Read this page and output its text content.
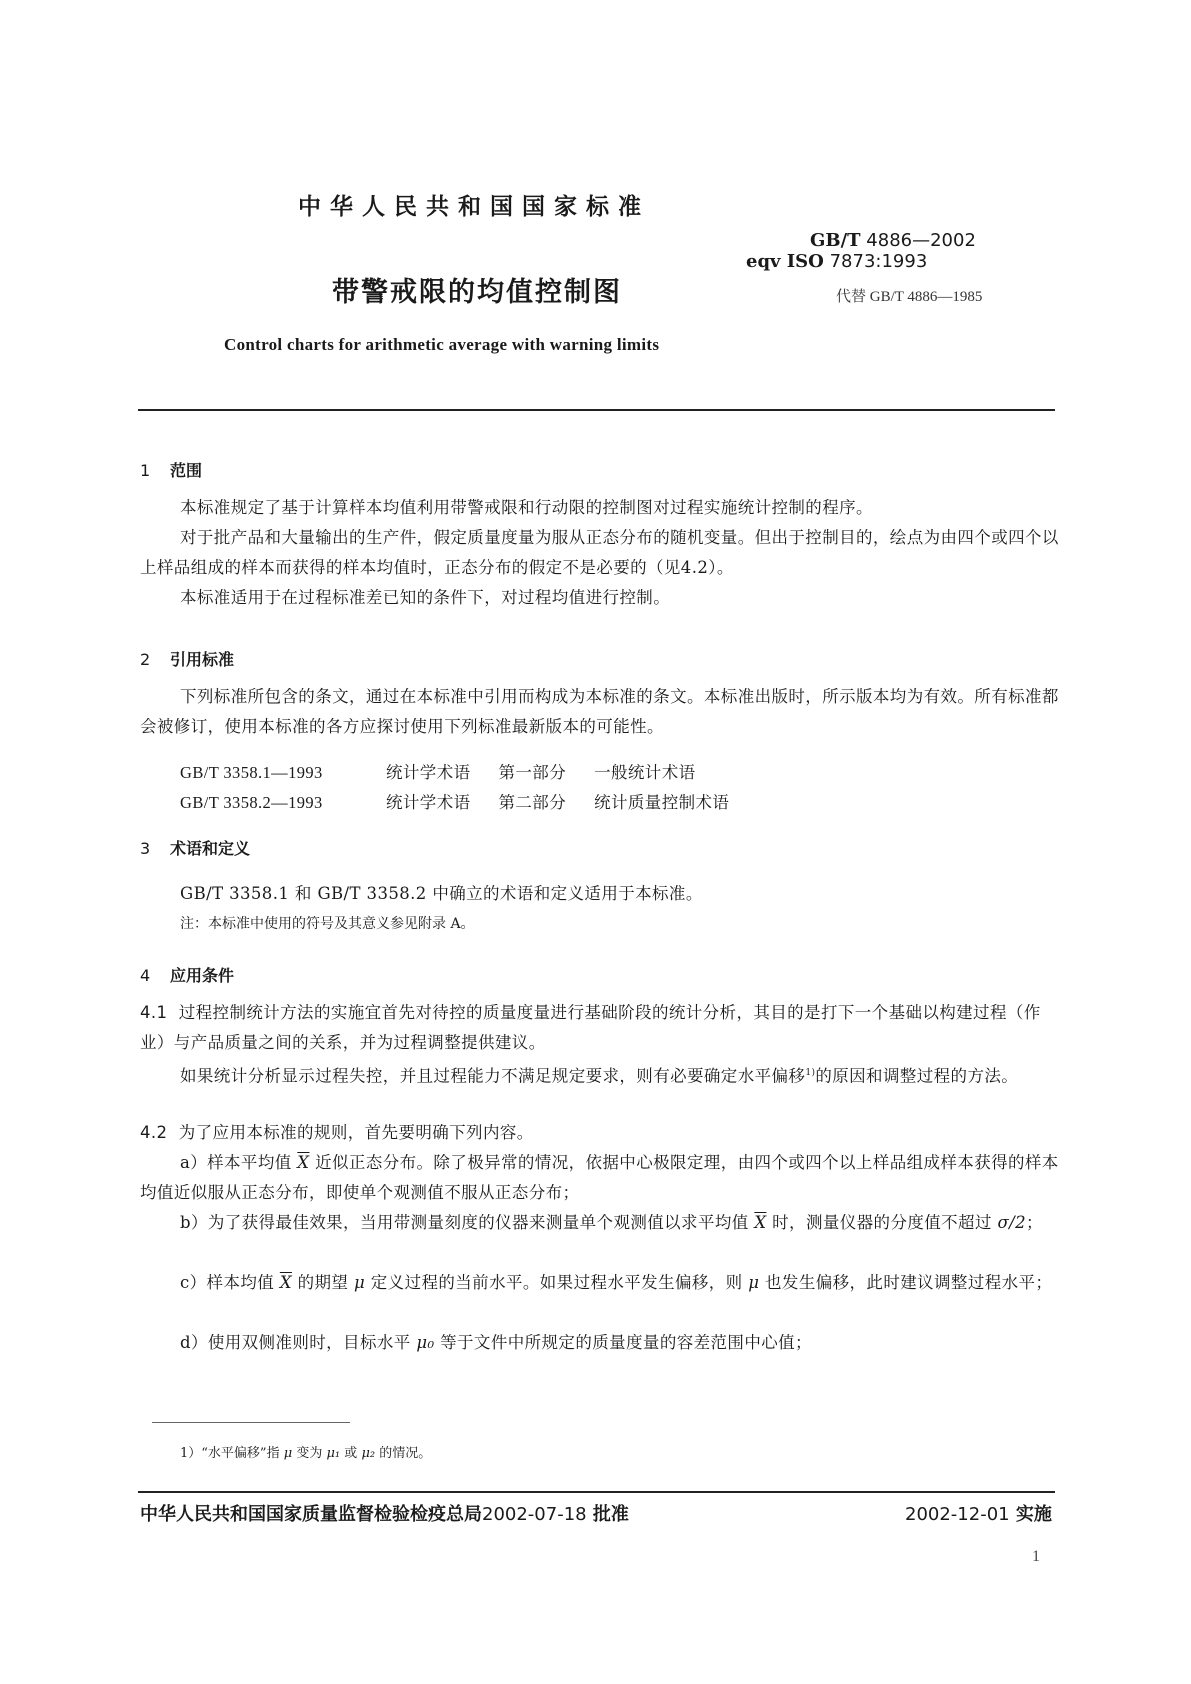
中华人民共和国国家标准
GB/T 4886—2002
eqv ISO 7873:1993
带警戒限的均值控制图	代替 GB/T 4886—1985
Control charts for arithmetic average with warning limits
1 范围

本标准规定了基于计算样本均值利用带警戒限和行动限的控制图对过程实施统计控制的程序。

对于批产品和大量输出的生产件，假定质量度量为服从正态分布的随机变量。但出于控制目的，绘点为由四个或四个以上样品组成的样本而获得的样本均值时，正态分布的假定不是必要的（见4.2）。

本标准适用于在过程标准差已知的条件下，对过程均值进行控制。

2 引用标准

下列标准所包含的条文，通过在本标准中引用而构成为本标准的条文。本标准出版时，所示版本均为有效。所有标准都会被修订，使用本标准的各方应探讨使用下列标准最新版本的可能性。

GB/T 3358.1—1993	统计学术语 第一部分 一般统计术语
GB/T 3358.2—1993	统计学术语 第二部分 统计质量控制术语
3 术语和定义
GB/T 3358.1 和 GB/T 3358.2 中确立的术语和定义适用于本标准。
注：本标准中使用的符号及其意义参见附录 A。
4 应用条件

4.1 过程控制统计方法的实施宜首先对待控的质量度量进行基础阶段的统计分析，其目的是打下一个基础以构建过程（作业）与产品质量之间的关系，并为过程调整提供建议。

如果统计分析显示过程失控，并且过程能力不满足规定要求，则有必要确定水平偏移$^{1)}$的原因和调整过程的方法。

4.2 为了应用本标准的规则，首先要明确下列内容。

a）样本平均值 $\overline{X}$ 近似正态分布。除了极异常的情况，依据中心极限定理，由四个或四个以上样品组成样本获得的样本均值近似服从正态分布，即使单个观测值不服从正态分布；

b）为了获得最佳效果，当用带测量刻度的仪器来测量单个观测值以求平均值 $\overline{X}$ 时，测量仪器的分度值不超过 σ/2；

c）样本均值 $\overline{X}$ 的期望 μ 定义过程的当前水平。如果过程水平发生偏移，则 μ 也发生偏移，此时建议调整过程水平；

d）使用双侧准则时，目标水平 μ₀ 等于文件中所规定的质量度量的容差范围中心值；

1）“水平偏移”指 μ 变为 μ₁ 或 μ₂ 的情况。
中华人民共和国国家质量监督检验检疫总局2002-07-18 批准	2002-12-01 实施
1
